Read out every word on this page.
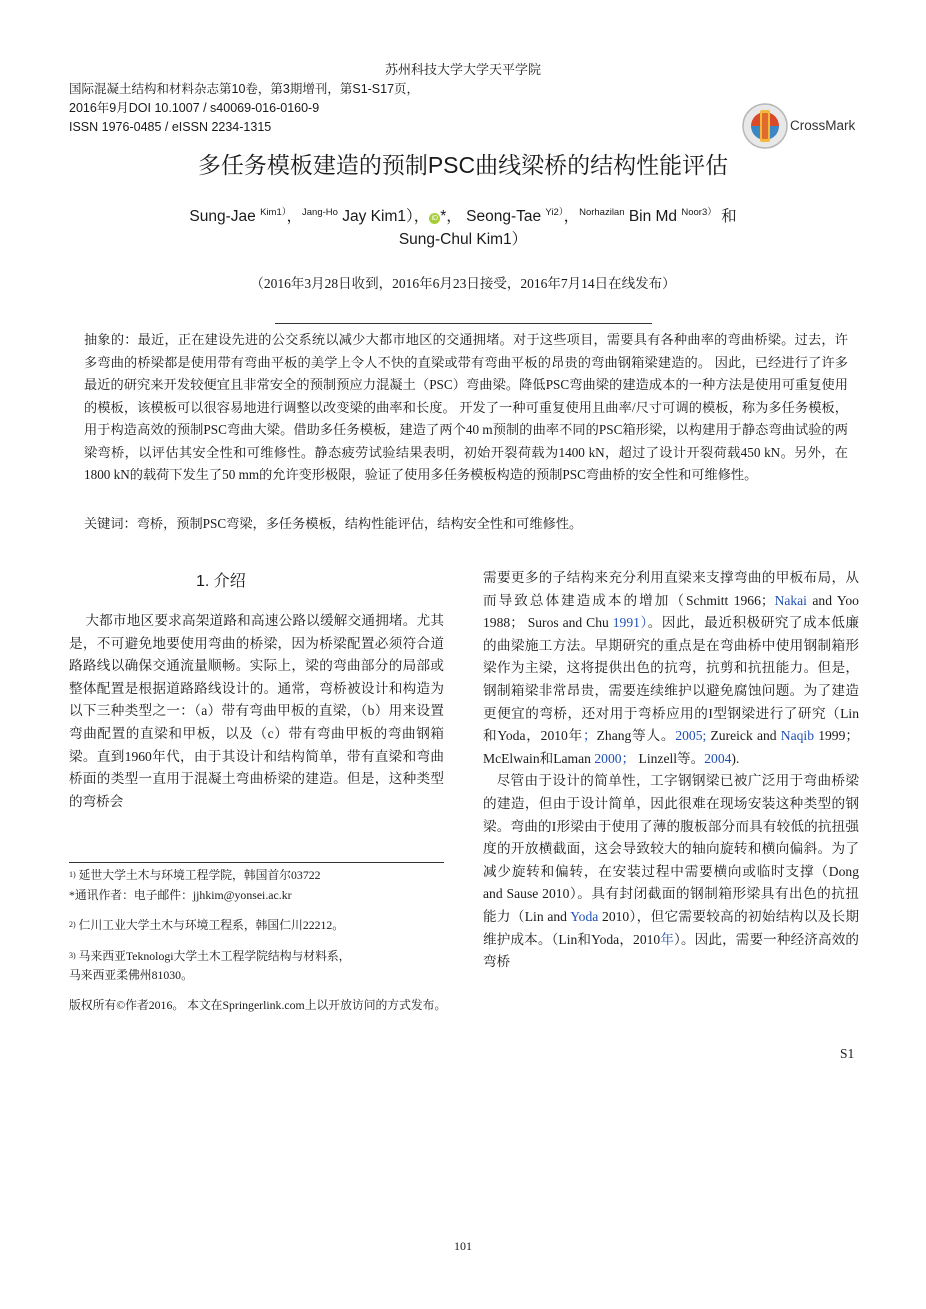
苏州科技大学大学天平学院
国际混凝土结构和材料杂志第10卷，第3期增刊，第S1-S17页，
2016年9月DOI 10.1007 / s40069-016-0160-9
ISSN 1976-0485 / eISSN 2234-1315	CrossMark
多任务模板建造的预制PSC曲线梁桥的结构性能评估
Sung-Jae $^{Kim1)}$，$^{Jang-Ho}$ Jay Kim1）， iD *， Seong-Tae $^{Yi2)}$，$^{Norhazilan}$ Bin Md $^{Noor3)}$ 和
Sung-Chul Kim1）
（2016年3月28日收到，2016年6月23日接受，2016年7月14日在线发布）
抽象的：最近，正在建设先进的公交系统以减少大都市地区的交通拥堵。对于这些项目，需要具有各种曲率的弯曲桥梁。过去，许多弯曲的桥梁都是使用带有弯曲平板的美学上令人不快的直梁或带有弯曲平板的昂贵的弯曲钢箱梁建造的。 因此，已经进行了许多最近的研究来开发较便宜且非常安全的预制预应力混凝土（PSC）弯曲梁。降低PSC弯曲梁的建造成本的一种方法是使用可重复使用的模板，该模板可以很容易地进行调整以改变梁的曲率和长度。 开发了一种可重复使用且曲率/尺寸可调的模板，称为多任务模板，用于构造高效的预制PSC弯曲大梁。借助多任务模板，建造了两个40 m预制的曲率不同的PSC箱形梁，以构建用于静态弯曲试验的两梁弯桥，以评估其安全性和可维修性。静态疲劳试验结果表明，初始开裂荷载为1400 kN，超过了设计开裂荷载450 kN。另外，在1800 kN的载荷下发生了50 mm的允许变形极限，验证了使用多任务模板构造的预制PSC弯曲桥的安全性和可维修性。
关键词：弯桥，预制PSC弯梁，多任务模板，结构性能评估，结构安全性和可维修性。
1. 介绍

大都市地区要求高架道路和高速公路以缓解交通拥堵。尤其是，不可避免地要使用弯曲的桥梁，因为桥梁配置必须符合道路路线以确保交通流量顺畅。实际上，梁的弯曲部分的局部或整体配置是根据道路路线设计的。通常，弯桥被设计和构造为以下三种类型之一：（a）带有弯曲甲板的直梁，（b）用来设置弯曲配置的直梁和甲板，以及（c）带有弯曲甲板的弯曲钢箱梁。直到1960年代，由于其设计和结构简单，带有直梁和弯曲桥面的类型一直用于混凝土弯曲桥梁的建造。但是，这种类型的弯桥会

需要更多的子结构来充分利用直梁来支撑弯曲的甲板布局，从而导致总体建造成本的增加（Schmitt 1966；Nakai and Yoo 1988； Suros and Chu 1991）。因此，最近积极研究了成本低廉的曲梁施工方法。早期研究的重点是在弯曲桥中使用钢制箱形梁作为主梁，这将提供出色的抗弯，抗剪和抗扭能力。但是，钢制箱梁非常昂贵，需要连续维护以避免腐蚀问题。为了建造更便宜的弯桥，还对用于弯桥应用的I型钢梁进行了研究（Lin和Yoda，2010年；Zhang等人。2005; Zureick and Naqib 1999；McElwain和Laman 2000； Linzell等。2004).

尽管由于设计的简单性，工字钢钢梁已被广泛用于弯曲桥梁的建造，但由于设计简单，因此很难在现场安装这种类型的钢梁。弯曲的I形梁由于使用了薄的腹板部分而具有较低的抗扭强度的开放横截面，这会导致较大的轴向旋转和横向偏斜。为了减少旋转和偏转，在安装过程中需要横向或临时支撑（Dong and Sause 2010）。具有封闭截面的钢制箱形梁具有出色的抗扭能力（Lin and Yoda 2010），但它需要较高的初始结构以及长期维护成本。（Lin和Yoda，2010年）。因此，需要一种经济高效的弯桥

1) 延世大学土木与环境工程学院，韩国首尔03722

*通讯作者：电子邮件：jjhkim@yonsei.ac.kr

2) 仁川工业大学土木与环境工程系，韩国仁川22212。

3) 马来西亚Teknologi大学土木工程学院结构与材料系，

马来西亚柔佛州81030。

版权所有©作者2016。 本文在Springerlink.com上以开放访问的方式发布。

S1
101
